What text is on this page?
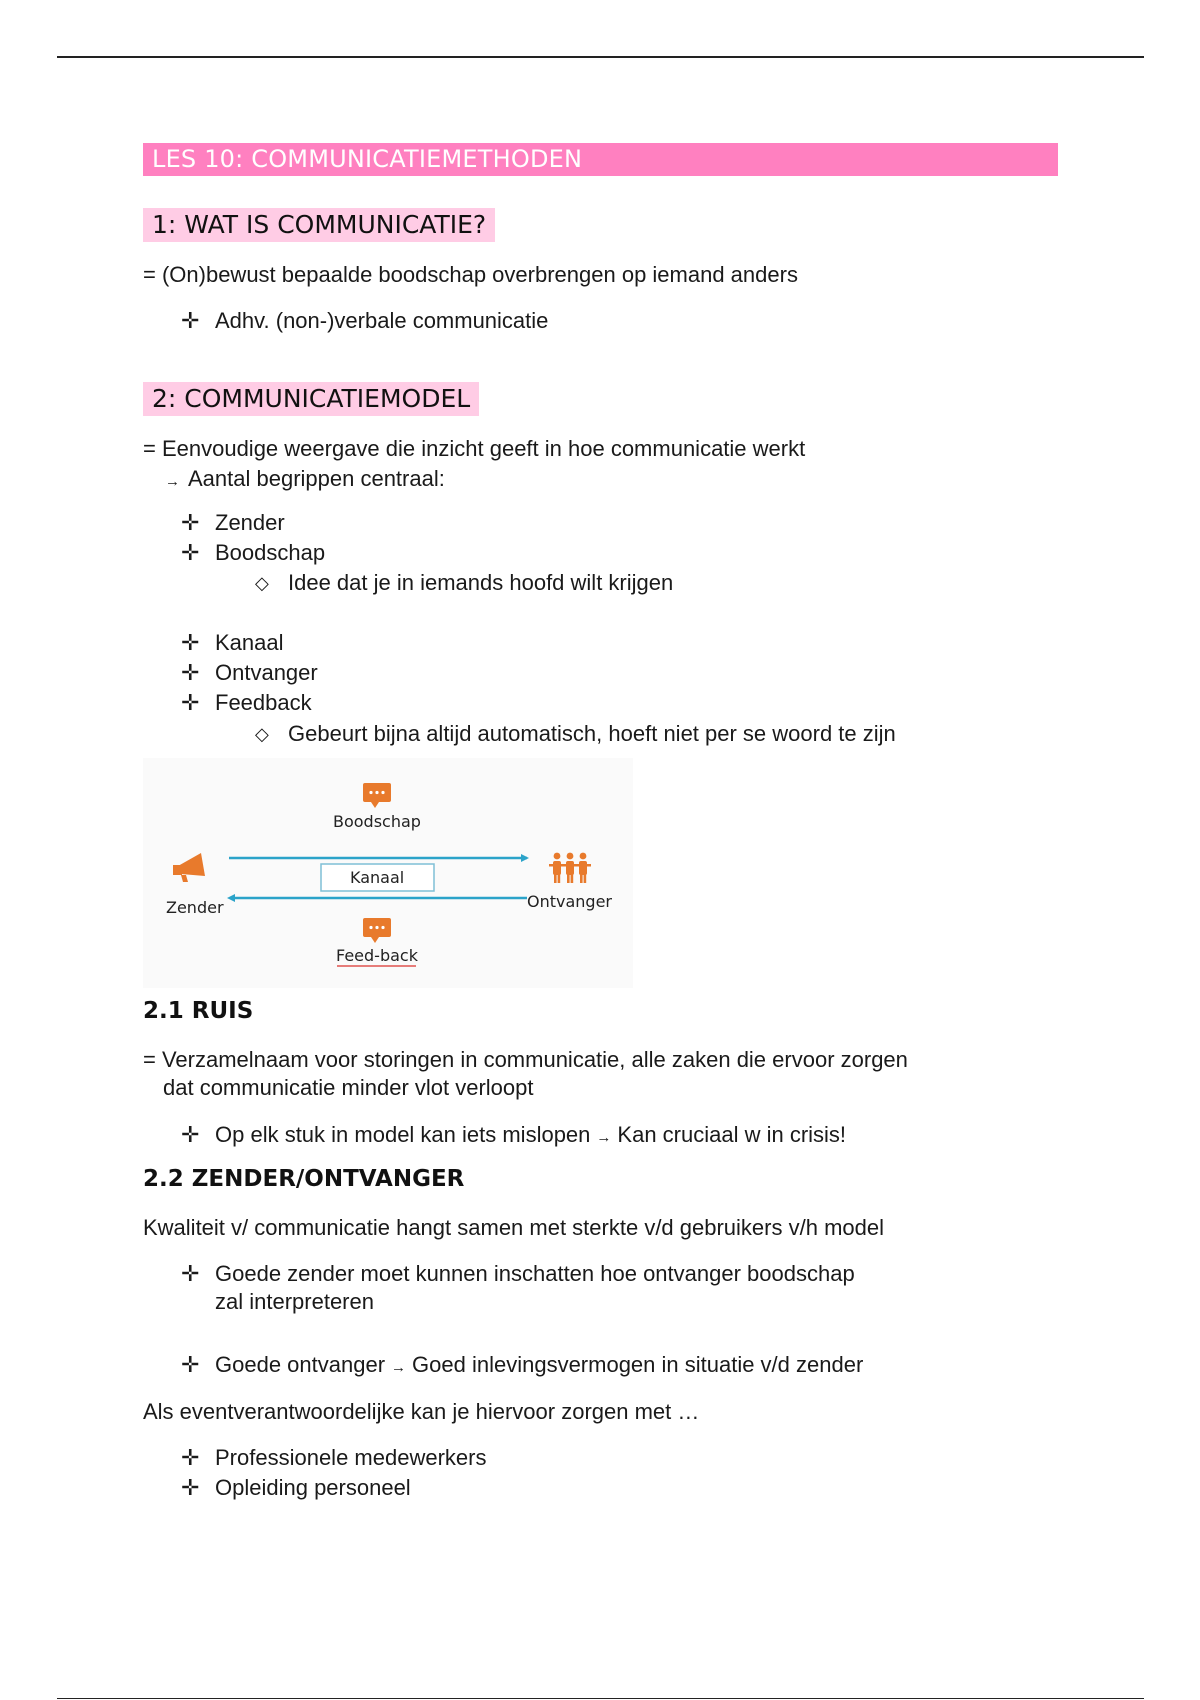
LES 10: COMMUNICATIEMETHODEN
1: WAT IS COMMUNICATIE?
= (On)bewust bepaalde boodschap overbrengen op iemand anders
✛ Adhv. (non-)verbale communicatie
2: COMMUNICATIEMODEL
= Eenvoudige weergave die inzicht geeft in hoe communicatie werkt
→ Aantal begrippen centraal:
✛ Zender
✛ Boodschap
◇ Idee dat je in iemands hoofd wilt krijgen
✛ Kanaal
✛ Ontvanger
✛ Feedback
◇ Gebeurt bijna altijd automatisch, hoeft niet per se woord te zijn
Boodschap
Kanaal
Zender	Ontvanger
Feed-back
2.1 RUIS
= Verzamelnaam voor storingen in communicatie, alle zaken die ervoor zorgen
dat communicatie minder vlot verloopt
✛ Op elk stuk in model kan iets mislopen → Kan cruciaal w in crisis!
2.2 ZENDER/ONTVANGER
Kwaliteit v/ communicatie hangt samen met sterkte v/d gebruikers v/h model
✛ Goede zender moet kunnen inschatten hoe ontvanger boodschap
zal interpreteren
✛ Goede ontvanger → Goed inlevingsvermogen in situatie v/d zender
Als eventverantwoordelijke kan je hiervoor zorgen met …
✛ Professionele medewerkers
✛ Opleiding personeel
